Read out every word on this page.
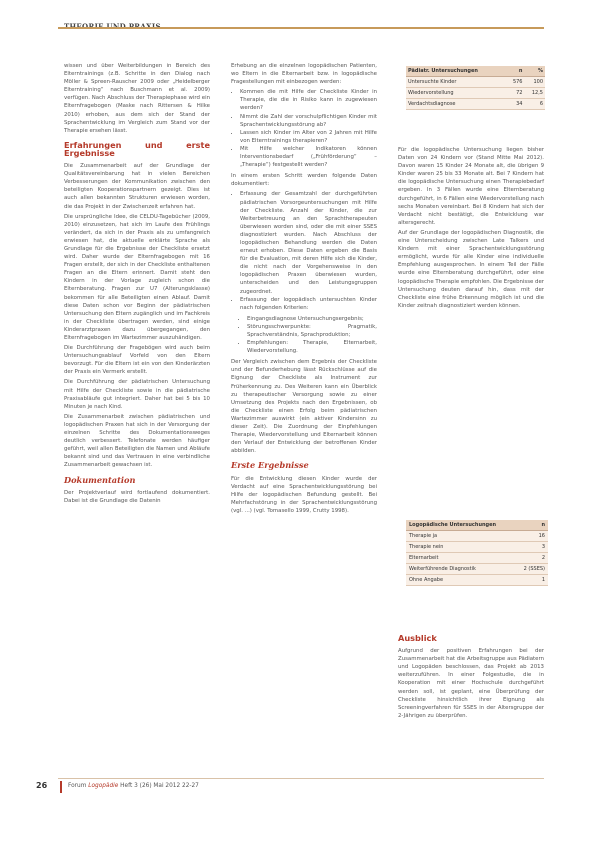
wissen und über Weiterbildungen in Bereich des Elterntrainings (z.B. Schritte in den Dialog nach Möller & Spreen-Rauscher 2009 oder „Heidelberger Elterntraining“ nach Buschmann et al. 2009) verfügen. Nach Abschluss der Therapiephase wird ein Elternfragebogen (Maske nach Rittersen & Hilke 2010) erhoben, aus dem sich der Stand der Sprachentwicklung im Vergleich zum Stand vor der Therapie ersehen lässt.

Erfahrungen und erste Ergebnisse

Die Zusammenarbeit auf der Grundlage der Qualitätsvereinbarung hat in vielen Bereichen Verbesserungen der Kommunikation zwischen den beteiligten Kooperationspartnern gezeigt. Dies ist auch allen bekannten Strukturen erwiesen worden, die das Projekt in der Zwischenzeit erfahren hat.

Die ursprüngliche Idee, die CELDU-Tagebücher (2009, 2010) einzusetzen, hat sich im Laufe des Frühlings verändert, da sich in der Praxis als zu umfangreich erwiesen hat, die aktuelle erklärte Sprache als Grundlage für die Ergebnisse der Checkliste ersetzt wird. Daher wurde der Elternfragebogen mit 16 Fragen erstellt, der sich in der Checkliste enthaltenen Fragen an die Eltern erinnert. Damit steht den Kindern in der Vorlage zugleich schon die Elternberatung. Fragen zur U7 (Alterungsklasse) bekommen für alle Beteiligten einen Ablauf. Damit diese Daten schon vor Beginn der pädiatrischen Untersuchung den Eltern zugänglich und im Fachkreis in der Checkliste übertragen werden, sind einige Kinderarztpraxen dazu übergegangen, den Elternfragebogen im Wartezimmer auszuhändigen.

Die Durchführung der Fragebögen wird auch beim Untersuchungsablauf Vorfeld von den Eltern bevorzugt. Für die Eltern ist ein von den Kinderärzten der Praxis ein Vermerk erstellt.

Die Durchführung der pädiatrischen Untersuchung mit Hilfe der Checkliste sowie in die pädiatrische Praxisabläufe gut integriert. Daher hat bei 5 bis 10 Minuten je nach Kind.

Die Zusammenarbeit zwischen pädiatrischen und logopädischen Praxen hat sich in der Versorgung der einzelnen Schritte des Dokumentationsweges deutlich verbessert. Telefonate werden häufiger geführt, weil allen Beteiligten die Namen und Abläufe bekannt sind und das Vertrauen in eine verbindliche Zusammenarbeit gewachsen ist.

Dokumentation

Der Projektverlauf wird fortlaufend dokumentiert. Dabei ist die Grundlage die Datenin

Erhebung an die einzelnen logopädischen Patienten, wo Eltern in die Elternarbeit bzw. in logopädische Fragestellungen mit einbezogen werden:

• Kommen die mit Hilfe der Checkliste Kinder in Therapie, die die in Risiko kann in zugewiesen werden?
• Nimmt die Zahl der vorschulpflichtigen Kinder mit Sprachentwicklungsstörung ab?
• Lassen sich Kinder im Alter von 2 Jahren mit Hilfe von Elterntrainings therapieren?
• Mit Hilfe welcher Indikatoren können Interventionsbedarf („Frühförderung“ – „Therapie“) festgestellt werden?

In einem ersten Schritt werden folgende Daten dokumentiert:

• Erfassung der Gesamtzahl der durchgeführten pädiatrischen Vorsorgeuntersuchungen mit Hilfe der Checkliste. Anzahl der Kinder, die zur Weiterbetreuung an den Sprachtherapeuten überwiesen worden sind, oder die mit einer SSES diagnostiziert wurden. Nach Abschluss der logopädischen Behandlung werden die Daten erneut erhoben. Diese Daten ergeben die Basis für die Evaluation, mit deren Hilfe sich die Kinder, die nicht nach der Vorgehensweise in den logopädischen Praxen überwiesen wurden, unterscheiden und den Leistungsgruppen zugeordnet.
• Erfassung der logopädisch untersuchten Kinder nach folgenden Kriterien:
• Eingangsdiagnose Untersuchungsergebnis;
• Störungsschwerpunkte: Pragmatik, Sprachverständnis, Sprachproduktion;
• Empfehlungen: Therapie, Elternarbeit, Wiedervorstellung.

Der Vergleich zwischen dem Ergebnis der Checkliste und der Befunderhebung lässt Rückschlüsse auf die Eignung der Checkliste als Instrument zur Früherkennung zu. Des Weiteren kann ein Überblick zu therapeutischer Versorgung sowie zu einer Umsetzung des Projekts nach den Ergebnissen, ob die Checkliste einen Erfolg beim pädiatrischen Wartezimmer auswirkt (ein aktiver Kindersinn zu dieser Zeit). Die Zuordnung der Einpfehlungen Therapie, Wiedervorstellung und Elternarbeit können den Verlauf der Entwicklung der betroffenen Kinder abbilden.

Erste Ergebnisse

Für die Entwicklung diesen Kinder wurde der Verdacht auf eine Sprachentwicklungsstörung bei Hilfe der logopädischen Befundung gestellt. Bei Mehrfachstörung in der Sprachentwicklungsstörung (vgl. ...) (vgl. Tomasello 1999, Crutty 1998).

Pädiatr. Untersuchungen	n	%
Untersuchte Kinder	576	100
Wiedervorstellung	72	12,5
Verdachtsdiagnose	34	6

Für die logopädische Untersuchung liegen bisher Daten von 24 Kindern vor (Stand Mitte Mai 2012). Davon waren 15 Kinder 24 Monate alt, die übrigen 9 Kinder waren 25 bis 33 Monate alt. Bei 7 Kindern hat die logopädische Untersuchung einen Therapiebedarf ergeben. In 3 Fällen wurde eine Elternberatung durchgeführt, in 6 Fällen eine Wiedervorstellung nach sechs Monaten vereinbart. Bei 8 Kindern hat sich der Verdacht nicht bestätigt, die Entwicklung war altersgerecht.

Auf der Grundlage der logopädischen Diagnostik, die eine Unterscheidung zwischen Late Talkers und Kindern mit einer Sprachentwicklungsstörung ermöglicht, wurde für alle Kinder eine individuelle Empfehlung ausgesprochen. In einem Teil der Fälle wurde eine Elternberatung durchgeführt, oder eine logopädische Therapie empfohlen. Die Ergebnisse der Untersuchung deuten darauf hin, dass mit der Checkliste eine frühe Erkennung möglich ist und die Kinder zeitnah diagnostiziert werden können.

Logopädische Untersuchungen	n
Therapie ja	16
Therapie nein	3
Elternarbeit	2
Weiterführende Diagnostik	2 (SSES)
Ohne Angabe	1
Ausblick

Aufgrund der positiven Erfahrungen bei der Zusammenarbeit hat die Arbeitsgruppe aus Pädiatern und Logopäden beschlossen, das Projekt ab 2013 weiterzuführen. In einer Folgestudie, die in Kooperation mit einer Hochschule durchgeführt werden soll, ist geplant, eine Überprüfung der Checkliste hinsichtlich ihrer Eignung als Screeningverfahren für SSES in der Altersgruppe der 2-Jährigen zu überprüfen.

26	Forum Logopädie Heft 3 (26) Mai 2012 22-27
